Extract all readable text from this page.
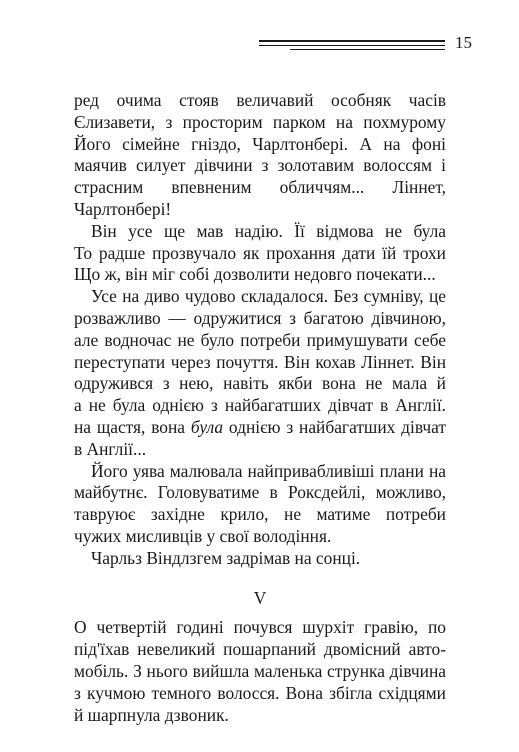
15
ред очима стояв величавий особняк часів
Єлизавети, з просторим парком на похмурому
Його сімейне гніздо, Чарлтонбері. А на фоні
маячив силует дівчини з золотавим волоссям і
страсним впевненим обличчям... Ліннет,
Чарлтонбері!
Він усе ще мав надію. Її відмова не була
То радше прозвучало як прохання дати їй трохи
Що ж, він міг собі дозволити недовго почекати...
Усе на диво чудово складалося. Без сумніву, це
розважливо — одружитися з багатою дівчиною,
але водночас не було потреби примушувати себе
переступати через почуття. Він кохав Ліннет. Він
одружився з нею, навіть якби вона не мала й
а не була однією з найбагатших дівчат в Англії.
на щастя, вона була однією з найбагатших дівчат
в Англії...
Його уява малювала найпривабливіші плани на
майбутнє. Головуватиме в Роксдейлі, можливо,
тавруює західне крило, не матиме потреби
чужих мисливців у свої володіння.
Чарльз Віндлзгем задрімав на сонці.
V
О четвертій годині почувся шурхіт гравію, по
під'їхав невеликий пошарпаний двомісний авто-
мобіль. З нього вийшла маленька струнка дівчина
з кучмою темного волосся. Вона збігла східцями
й шарпнула дзвоник.
